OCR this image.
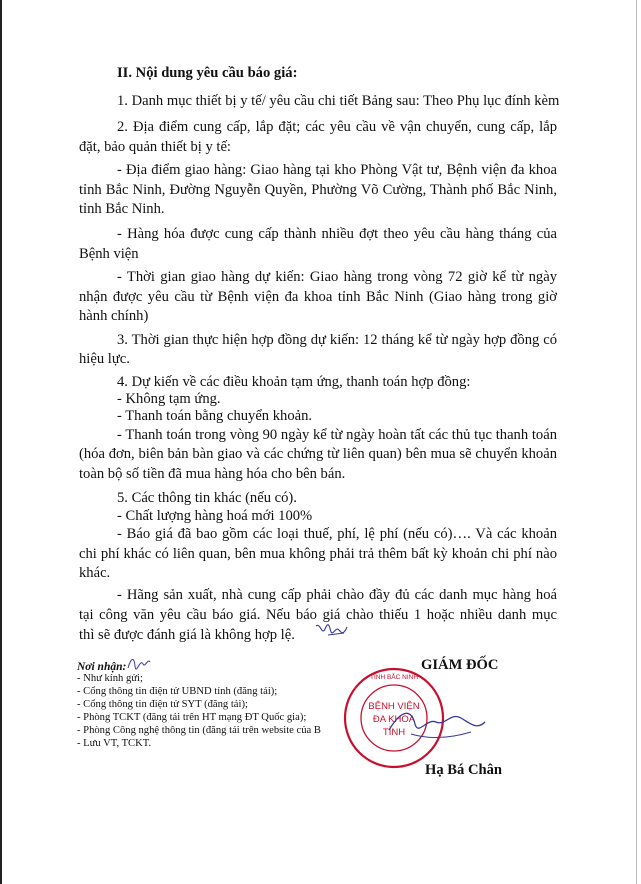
II. Nội dung yêu cầu báo giá:
1. Danh mục thiết bị y tế/ yêu cầu chi tiết Bảng sau: Theo Phụ lục đính kèm
2. Địa điểm cung cấp, lắp đặt; các yêu cầu về vận chuyển, cung cấp, lắp
đặt, bảo quản thiết bị y tế:
- Địa điểm giao hàng: Giao hàng tại kho Phòng Vật tư, Bệnh viện đa khoa
tỉnh Bắc Ninh, Đường Nguyễn Quyền, Phường Võ Cường, Thành phố Bắc Ninh,
tỉnh Bắc Ninh.
- Hàng hóa được cung cấp thành nhiều đợt theo yêu cầu hàng tháng của
Bệnh viện
- Thời gian giao hàng dự kiến: Giao hàng trong vòng 72 giờ kể từ ngày
nhận được yêu cầu từ Bệnh viện đa khoa tỉnh Bắc Ninh (Giao hàng trong giờ
hành chính)
3. Thời gian thực hiện hợp đồng dự kiến: 12 tháng kể từ ngày hợp đồng có
hiệu lực.
4. Dự kiến về các điều khoản tạm ứng, thanh toán hợp đồng:
- Không tạm ứng.
- Thanh toán bằng chuyển khoản.
- Thanh toán trong vòng 90 ngày kể từ ngày hoàn tất các thủ tục thanh toán
(hóa đơn, biên bản bàn giao và các chứng từ liên quan) bên mua sẽ chuyển khoản
toàn bộ số tiền đã mua hàng hóa cho bên bán.
5. Các thông tin khác (nếu có).
- Chất lượng hàng hoá mới 100%
- Báo giá đã bao gồm các loại thuế, phí, lệ phí (nếu có)…. Và các khoản
chi phí khác có liên quan, bên mua không phải trả thêm bất kỳ khoản chi phí nào
khác.
- Hãng sản xuất, nhà cung cấp phải chào đầy đủ các danh mục hàng hoá
tại công văn yêu cầu báo giá. Nếu báo giá chào thiếu 1 hoặc nhiều danh mục
thì sẽ được đánh giá là không hợp lệ.
Nơi nhận:
- Như kính gửi;
- Cổng thông tin điện tử UBND tỉnh (đăng tải);
- Cổng thông tin điện tử SYT (đăng tải);
- Phòng TCKT (đăng tải trên HT mạng ĐT Quốc gia);
- Phòng Công nghệ thông tin (đăng tải trên website của B
- Lưu VT, TCKT.
GIÁM ĐỐC
BỆNH VIỆN
ĐA KHOA
TỈNH
TỈNH BẮC NINH
Hạ Bá Chân
